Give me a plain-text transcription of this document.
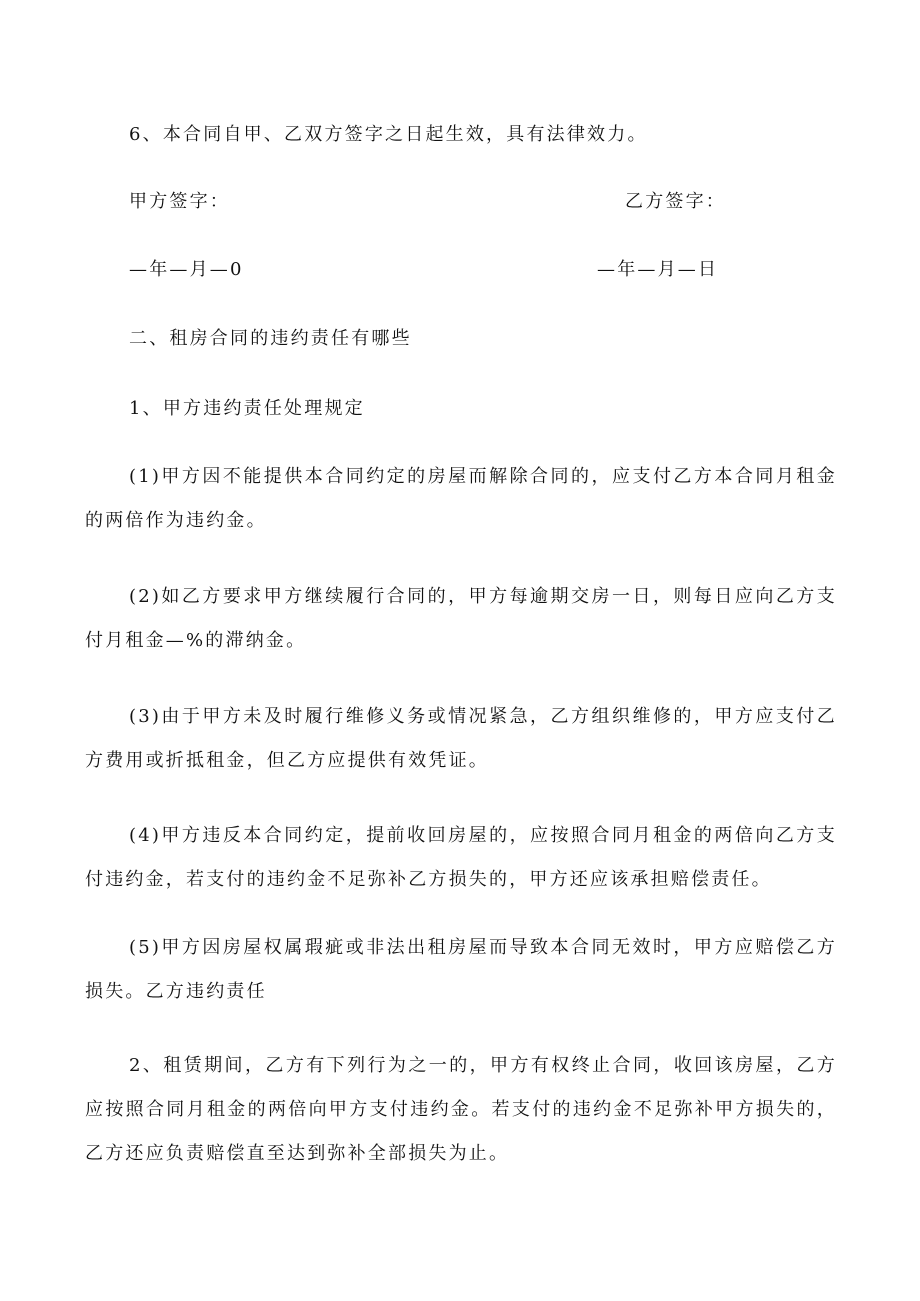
6、本合同自甲、乙双方签字之日起生效，具有法律效力。
甲方签字：	乙方签字：
—年—月—0	—年—月—日
二、租房合同的违约责任有哪些
1、甲方违约责任处理规定
(1)甲方因不能提供本合同约定的房屋而解除合同的，应支付乙方本合同月租金的两倍作为违约金。
(2)如乙方要求甲方继续履行合同的，甲方每逾期交房一日，则每日应向乙方支付月租金—%的滞纳金。
(3)由于甲方未及时履行维修义务或情况紧急，乙方组织维修的，甲方应支付乙方费用或折抵租金，但乙方应提供有效凭证。
(4)甲方违反本合同约定，提前收回房屋的，应按照合同月租金的两倍向乙方支付违约金，若支付的违约金不足弥补乙方损失的，甲方还应该承担赔偿责任。
(5)甲方因房屋权属瑕疵或非法出租房屋而导致本合同无效时，甲方应赔偿乙方损失。乙方违约责任
2、租赁期间，乙方有下列行为之一的，甲方有权终止合同，收回该房屋，乙方应按照合同月租金的两倍向甲方支付违约金。若支付的违约金不足弥补甲方损失的，乙方还应负责赔偿直至达到弥补全部损失为止。
